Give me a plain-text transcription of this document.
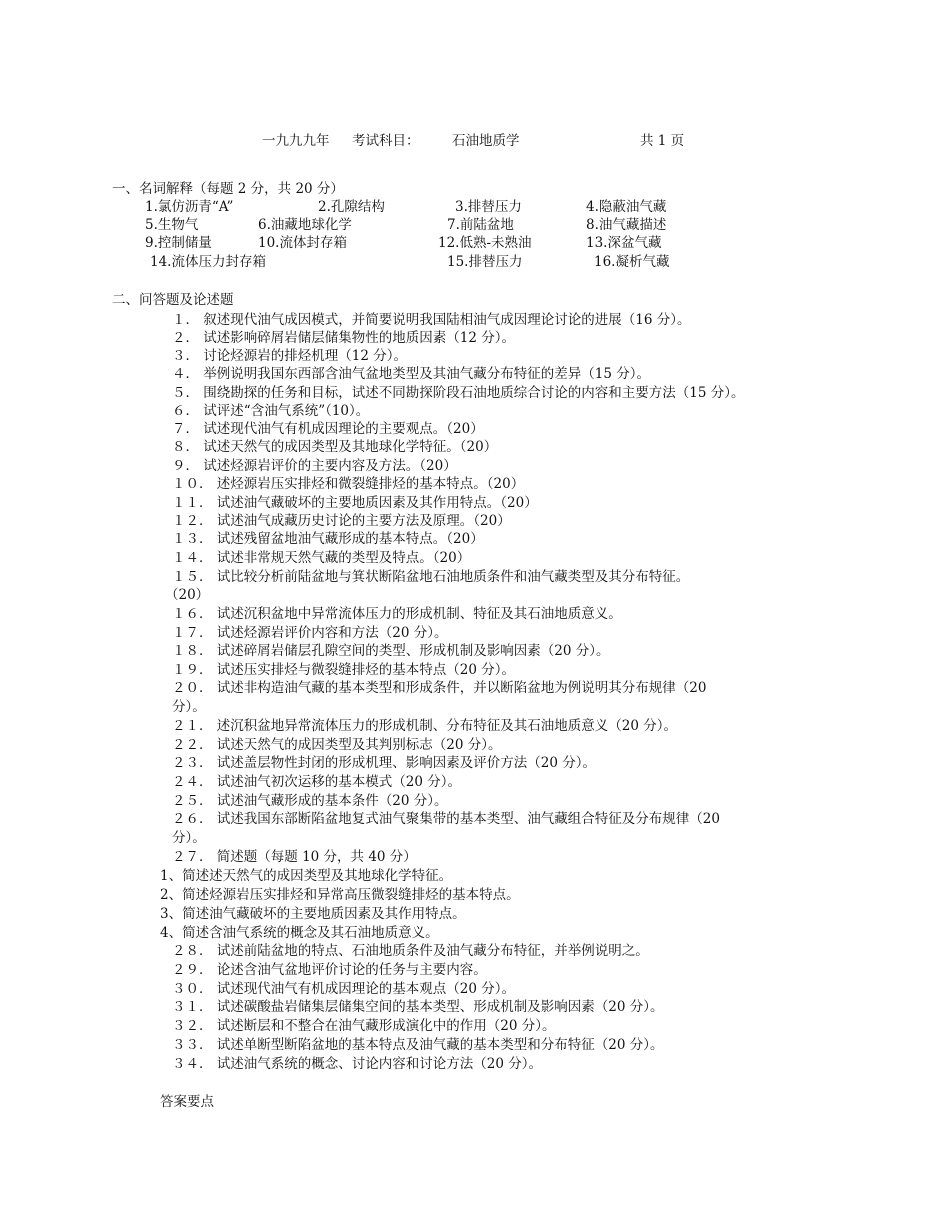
一九九九年 考试科目： 石油地质学	共 1 页
一、名词解释（每题 2 分，共 20 分）
1.氯仿沥青“A”	2.孔隙结构	3.排替压力	4.隐蔽油气藏
5.生物气	6.油藏地球化学	7.前陆盆地	8.油气藏描述
9.控制储量	10.流体封存箱	12.低熟-未熟油	13.深盆气藏
14.流体压力封存箱	15.排替压力	16.凝析气藏
二、问答题及论述题
１． 叙述现代油气成因模式，并简要说明我国陆相油气成因理论讨论的进展（16 分）。
２． 试述影响碎屑岩储层储集物性的地质因素（12 分）。
３． 讨论烃源岩的排烃机理（12 分）。
４． 举例说明我国东西部含油气盆地类型及其油气藏分布特征的差异（15 分）。
５． 围绕勘探的任务和目标，试述不同勘探阶段石油地质综合讨论的内容和主要方法（15 分）。
６． 试评述“含油气系统”（10）。
７． 试述现代油气有机成因理论的主要观点。（20）
８． 试述天然气的成因类型及其地球化学特征。（20）
９． 试述烃源岩评价的主要内容及方法。（20）
１０． 述烃源岩压实排烃和微裂缝排烃的基本特点。（20）
１１． 试述油气藏破坏的主要地质因素及其作用特点。（20）
１２． 试述油气成藏历史讨论的主要方法及原理。（20）
１３． 试述残留盆地油气藏形成的基本特点。（20）
１４． 试述非常规天然气藏的类型及特点。（20）
１５． 试比较分析前陆盆地与箕状断陷盆地石油地质条件和油气藏类型及其分布特征。
（20）
１６． 试述沉积盆地中异常流体压力的形成机制、特征及其石油地质意义。
１７． 试述烃源岩评价内容和方法（20 分）。
１８． 试述碎屑岩储层孔隙空间的类型、形成机制及影响因素（20 分）。
１９． 试述压实排烃与微裂缝排烃的基本特点（20 分）。
２０． 试述非构造油气藏的基本类型和形成条件，并以断陷盆地为例说明其分布规律（20
分）。
２１． 述沉积盆地异常流体压力的形成机制、分布特征及其石油地质意义（20 分）。
２２． 试述天然气的成因类型及其判别标志（20 分）。
２３． 试述盖层物性封闭的形成机理、影响因素及评价方法（20 分）。
２４． 试述油气初次运移的基本模式（20 分）。
２５． 试述油气藏形成的基本条件（20 分）。
２６． 试述我国东部断陷盆地复式油气聚集带的基本类型、油气藏组合特征及分布规律（20
分）。
２７． 简述题（每题 10 分，共 40 分）
1、简述述天然气的成因类型及其地球化学特征。
2、简述烃源岩压实排烃和异常高压微裂缝排烃的基本特点。
3、简述油气藏破坏的主要地质因素及其作用特点。
4、简述含油气系统的概念及其石油地质意义。
２８． 试述前陆盆地的特点、石油地质条件及油气藏分布特征，并举例说明之。
２９． 论述含油气盆地评价讨论的任务与主要内容。
３０． 试述现代油气有机成因理论的基本观点（20 分）。
３１． 试述碳酸盐岩储集层储集空间的基本类型、形成机制及影响因素（20 分）。
３２． 试述断层和不整合在油气藏形成演化中的作用（20 分）。
３３． 试述单断型断陷盆地的基本特点及油气藏的基本类型和分布特征（20 分）。
３４． 试述油气系统的概念、讨论内容和讨论方法（20 分）。
答案要点
